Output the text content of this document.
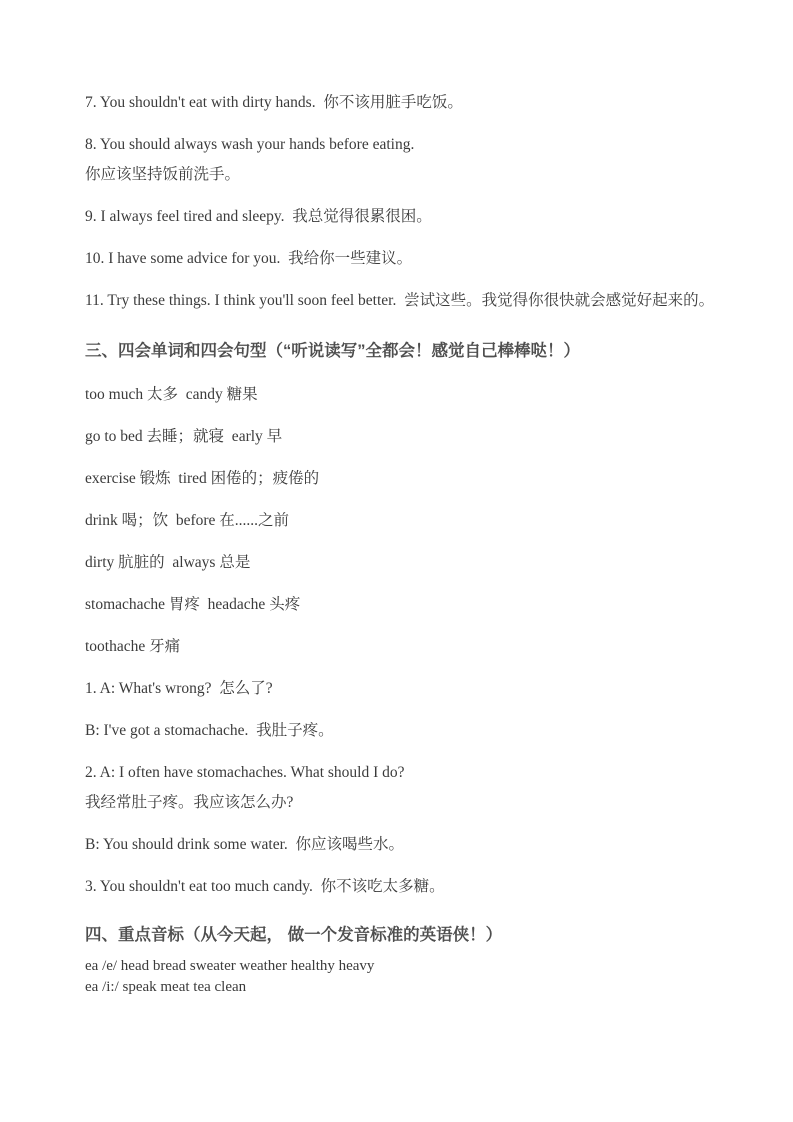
7. You shouldn't eat with dirty hands.  你不该用脏手吃饭。

8. You should always wash your hands before eating.

你应该坚持饭前洗手。

9. I always feel tired and sleepy.  我总觉得很累很困。

10. I have some advice for you.  我给你一些建议。

11. Try these things. I think you'll soon feel better.  尝试这些。我觉得你很快就会感觉好起来的。

三、四会单词和四会句型（“听说读写”全都会！感觉自己棒棒哒！）

too much 太多  candy 糖果

go to bed 去睡；就寝  early 早

exercise 锻炼  tired 困倦的；疲倦的

drink 喝；饮  before 在......之前

dirty 肮脏的  always 总是

stomachache 胃疼  headache 头疼

toothache 牙痛

1. A: What's wrong?  怎么了?

B: I've got a stomachache.  我肚子疼。

2. A: I often have stomachaches. What should I do?

我经常肚子疼。我应该怎么办?

B: You should drink some water.  你应该喝些水。

3. You shouldn't eat too much candy.  你不该吃太多糖。

四、重点音标（从今天起， 做一个发音标准的英语侠！）

ea /e/ head bread sweater weather healthy heavy

ea /i:/ speak meat tea clean
